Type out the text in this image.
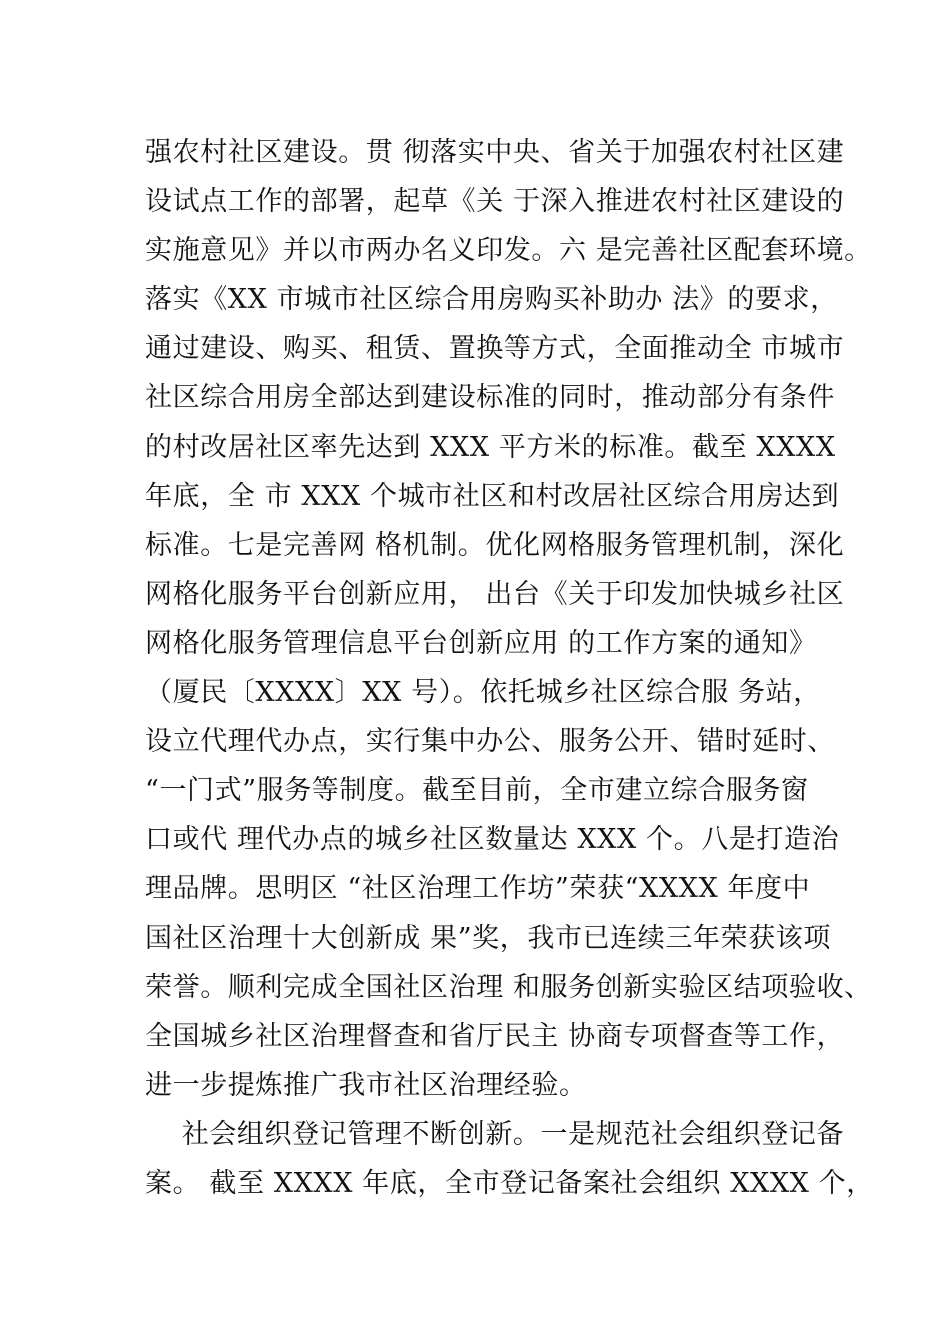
强农村社区建设。贯 彻落实中央、省关于加强农村社区建
设试点工作的部署，起草《关 于深入推进农村社区建设的
实施意见》并以市两办名义印发。六 是完善社区配套环境。
落实《XX 市城市社区综合用房购买补助办 法》的要求，
通过建设、购买、租赁、置换等方式，全面推动全 市城市
社区综合用房全部达到建设标准的同时，推动部分有条件
的村改居社区率先达到 XXX 平方米的标准。截至 XXXX
年底，全 市 XXX 个城市社区和村改居社区综合用房达到
标准。七是完善网 格机制。优化网格服务管理机制，深化
网格化服务平台创新应用， 出台《关于印发加快城乡社区
网格化服务管理信息平台创新应用 的工作方案的通知》
（厦民〔XXXX〕XX 号）。依托城乡社区综合服 务站，
设立代理代办点，实行集中办公、服务公开、错时延时、
“一门式”服务等制度。截至目前，全市建立综合服务窗
口或代 理代办点的城乡社区数量达 XXX 个。八是打造治
理品牌。思明区 “社区治理工作坊”荣获“XXXX 年度中
国社区治理十大创新成 果”奖，我市已连续三年荣获该项
荣誉。顺利完成全国社区治理 和服务创新实验区结项验收、
全国城乡社区治理督查和省厅民主 协商专项督查等工作，
进一步提炼推广我市社区治理经验。
社会组织登记管理不断创新。一是规范社会组织登记备
案。 截至 XXXX 年底，全市登记备案社会组织 XXXX 个，
